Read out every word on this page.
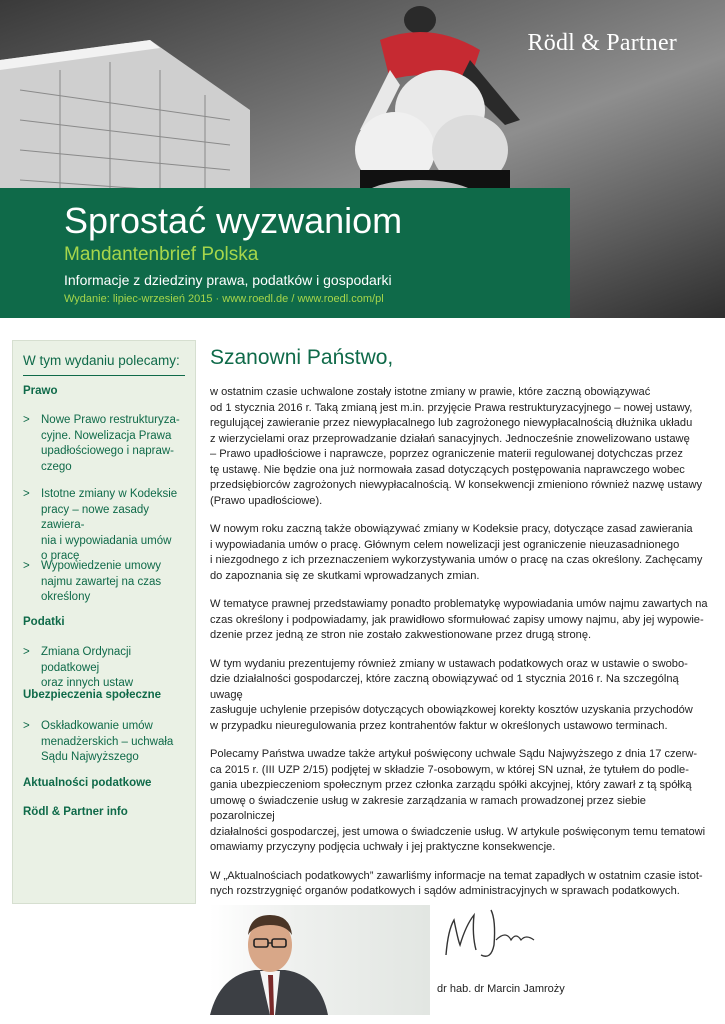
Rödl & Partner
Sprostać wyzwaniom
Mandantenbrief Polska
Informacje z dziedziny prawa, podatków i gospodarki
Wydanie: lipiec-wrzesień 2015 · www.roedl.de / www.roedl.com/pl
W tym wydaniu polecamy:
Prawo
> Nowe Prawo restrukturyza-
cyjne. Nowelizacja Prawa
upadłościowego i napraw-
czego
> Istotne zmiany w Kodeksie
pracy – nowe zasady zawiera-
nia i wypowiadania umów
o pracę
> Wypowiedzenie umowy
najmu zawartej na czas
określony
Podatki
> Zmiana Ordynacji podatkowej
oraz innych ustaw
Ubezpieczenia społeczne
> Oskładkowanie umów
menadżerskich – uchwała
Sądu Najwyższego
Aktualności podatkowe
Rödl & Partner info
Szanowni Państwo,

w ostatnim czasie uchwalone zostały istotne zmiany w prawie, które zaczną obowiązywać
od 1 stycznia 2016 r. Taką zmianą jest m.in. przyjęcie Prawa restrukturyzacyjnego – nowej ustawy,
regulującej zawieranie przez niewypłacalnego lub zagrożonego niewypłacalnością dłużnika układu
z wierzycielami oraz przeprowadzanie działań sanacyjnych. Jednocześnie znowelizowano ustawę
– Prawo upadłościowe i naprawcze, poprzez ograniczenie materii regulowanej dotychczas przez
tę ustawę. Nie będzie ona już normowała zasad dotyczących postępowania naprawczego wobec
przedsiębiorców zagrożonych niewypłacalnością. W konsekwencji zmieniono również nazwę ustawy
(Prawo upadłościowe).

W nowym roku zaczną także obowiązywać zmiany w Kodeksie pracy, dotyczące zasad zawierania
i wypowiadania umów o pracę. Głównym celem nowelizacji jest ograniczenie nieuzasadnionego
i niezgodnego z ich przeznaczeniem wykorzystywania umów o pracę na czas określony. Zachęcamy
do zapoznania się ze skutkami wprowadzanych zmian.

W tematyce prawnej przedstawiamy ponadto problematykę wypowiadania umów najmu zawartych na
czas określony i podpowiadamy, jak prawidłowo sformułować zapisy umowy najmu, aby jej wypowie-
dzenie przez jedną ze stron nie zostało zakwestionowane przez drugą stronę.

W tym wydaniu prezentujemy również zmiany w ustawach podatkowych oraz w ustawie o swobo-
dzie działalności gospodarczej, które zaczną obowiązywać od 1 stycznia 2016 r. Na szczególną uwagę
zasługuje uchylenie przepisów dotyczących obowiązkowej korekty kosztów uzyskania przychodów
w przypadku nieuregulowania przez kontrahentów faktur w określonych ustawowo terminach.

Polecamy Państwa uwadze także artykuł poświęcony uchwale Sądu Najwyższego z dnia 17 czerw-
ca 2015 r. (III UZP 2/15) podjętej w składzie 7-osobowym, w której SN uznał, że tytułem do podle-
gania ubezpieczeniom społecznym przez członka zarządu spółki akcyjnej, który zawarł z tą spółką
umowę o świadczenie usług w zakresie zarządzania w ramach prowadzonej przez siebie pozarolniczej
działalności gospodarczej, jest umowa o świadczenie usług. W artykule poświęconym temu tematowi
omawiamy przyczyny podjęcia uchwały i jej praktyczne konsekwencje.

W „Aktualnościach podatkowych” zawarliśmy informacje na temat zapadłych w ostatnim czasie istot-
nych rozstrzygnięć organów podatkowych i sądów administracyjnych w sprawach podatkowych.

dr hab. dr Marcin Jamroży
